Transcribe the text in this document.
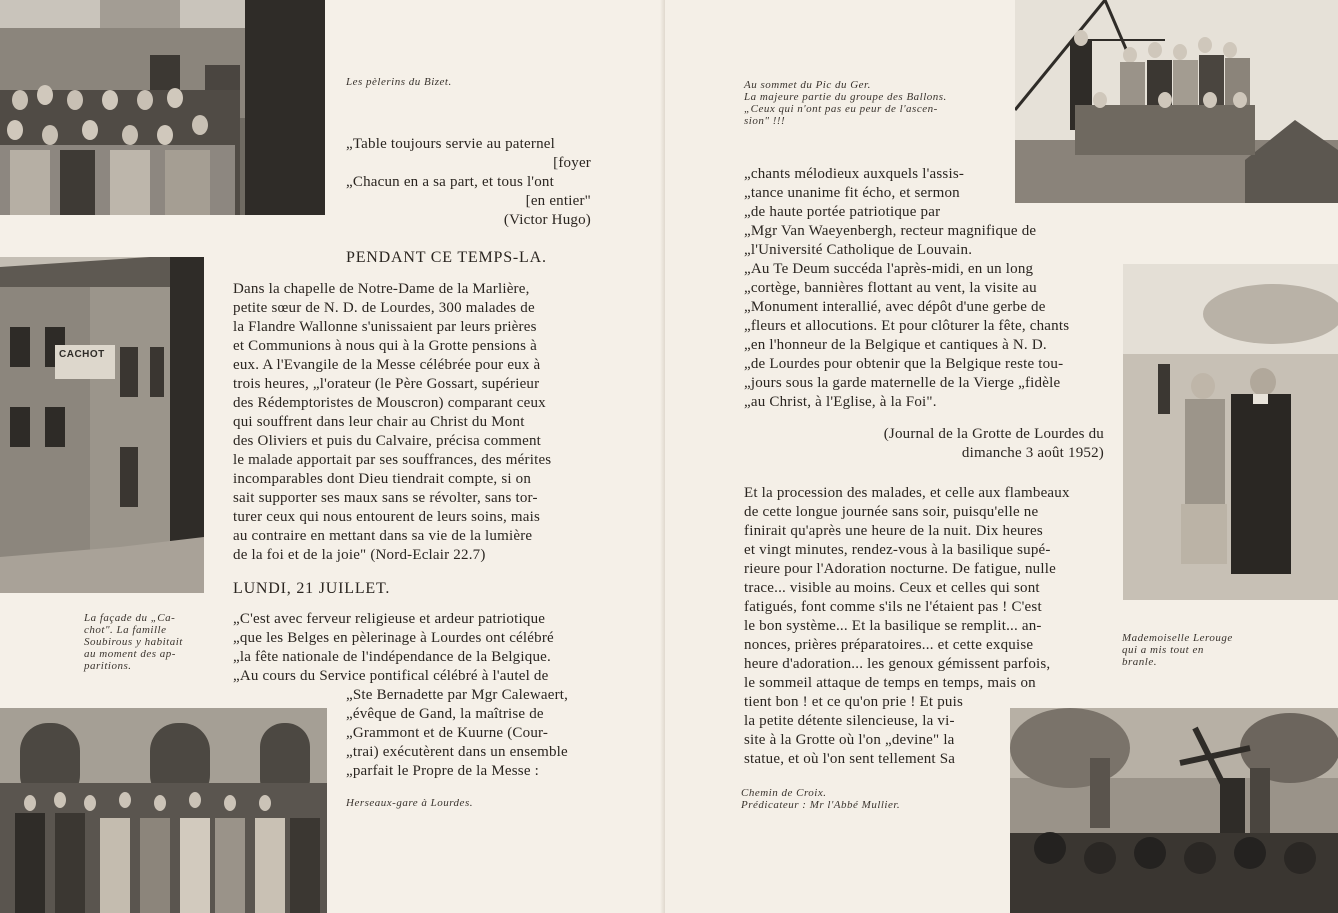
Les pèlerins du Bizet.
„Table toujours servie au paternel
[foyer
„Chacun en a sa part, et tous l'ont
[en entier"
(Victor Hugo)
PENDANT CE TEMPS-LA.
CACHOT
Dans la chapelle de Notre-Dame de la Marlière,
petite sœur de N. D. de Lourdes, 300 malades de
la Flandre Wallonne s'unissaient par leurs prières
et Communions à nous qui à la Grotte pensions à
eux. A l'Evangile de la Messe célébrée pour eux à
trois heures, „l'orateur (le Père Gossart, supérieur
des Rédemptoristes de Mouscron) comparant ceux
qui souffrent dans leur chair au Christ du Mont
des Oliviers et puis du Calvaire, précisa comment
le malade apportait par ses souffrances, des mérites
incomparables dont Dieu tiendrait compte, si on
sait supporter ses maux sans se révolter, sans tor-
turer ceux qui nous entourent de leurs soins, mais
au contraire en mettant dans sa vie de la lumière
de la foi et de la joie" (Nord-Eclair 22.7)
LUNDI, 21 JUILLET.
La façade du „Ca-
chot". La famille
Soubirous y habitait
au moment des ap-
paritions.
„C'est avec ferveur religieuse et ardeur patriotique
„que les Belges en pèlerinage à Lourdes ont célébré
„la fête nationale de l'indépendance de la Belgique.
„Au cours du Service pontifical célébré à l'autel de
„Ste Bernadette par Mgr Calewaert,
„évêque de Gand, la maîtrise de
„Grammont et de Kuurne (Cour-
„trai) exécutèrent dans un ensemble
„parfait le Propre de la Messe :
Herseaux-gare à Lourdes.
Au sommet du Pic du Ger.
La majeure partie du groupe des Ballons.
„Ceux qui n'ont pas eu peur de l'ascen-
sion" !!!
„chants mélodieux auxquels l'assis-
„tance unanime fit écho, et sermon
„de haute portée patriotique par
„Mgr Van Waeyenbergh, recteur magnifique de
„l'Université Catholique de Louvain.
„Au Te Deum succéda l'après-midi, en un long
„cortège, bannières flottant au vent, la visite au
„Monument interallié, avec dépôt d'une gerbe de
„fleurs et allocutions. Et pour clôturer la fête, chants
„en l'honneur de la Belgique et cantiques à N. D.
„de Lourdes pour obtenir que la Belgique reste tou-
„jours sous la garde maternelle de la Vierge „fidèle
„au Christ, à l'Eglise, à la Foi".
(Journal de la Grotte de Lourdes du
dimanche 3 août 1952)
Et la procession des malades, et celle aux flambeaux
de cette longue journée sans soir, puisqu'elle ne
finirait qu'après une heure de la nuit. Dix heures
et vingt minutes, rendez-vous à la basilique supé-
rieure pour l'Adoration nocturne. De fatigue, nulle
trace... visible au moins. Ceux et celles qui sont
fatigués, font comme s'ils ne l'étaient pas ! C'est
le bon système... Et la basilique se remplit... an-
nonces, prières préparatoires... et cette exquise
heure d'adoration... les genoux gémissent parfois,
le sommeil attaque de temps en temps, mais on
Mademoiselle Lerouge
qui a mis tout en
branle.
tient bon ! et ce qu'on prie ! Et puis
la petite détente silencieuse, la vi-
site à la Grotte où l'on „devine" la
statue, et où l'on sent tellement Sa
Chemin de Croix.
Prédicateur : Mr l'Abbé Mullier.
